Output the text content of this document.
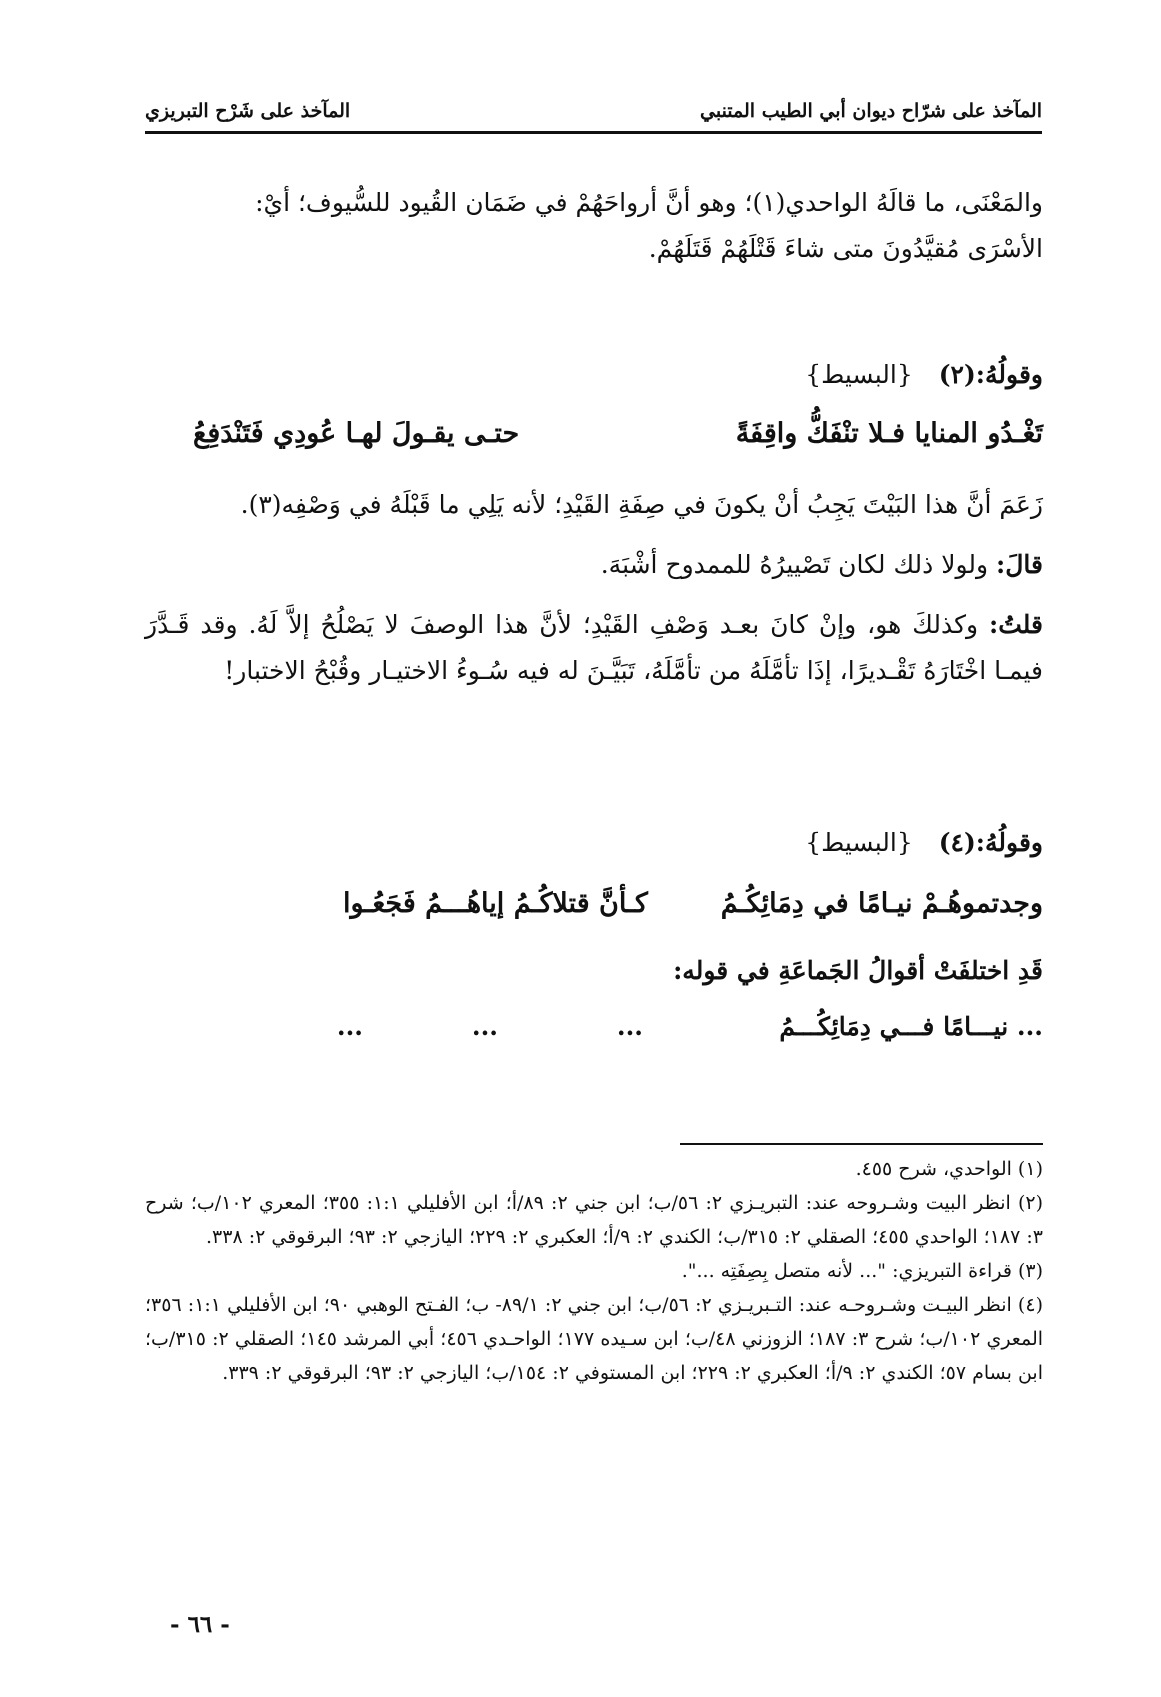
المآخذ على شرّاح ديوان أبي الطيب المتنبي
المآخذ على شَرْح التبريزي
والمَعْنَى، ما قالَهُ الواحدي(١)؛ وهو أنَّ أرواحَهُمْ في ضَمَان القُيود للسُّيوف؛ أيْ:
الأسْرَى مُقيَّدُونَ متى شاءَ قَتْلَهُمْ قَتَلَهُمْ.
وقولُهُ:(٢) {البسيط}
تَغْـدُو المنايا فـلا تنْفَكُّ واقِفَةً
حتـى يقـولَ لهـا عُودِي فَتَنْدَفِعُ
زَعَمَ أنَّ هذا البَيْتَ يَجِبُ أنْ يكونَ في صِفَةِ القَيْدِ؛ لأنه يَلِي ما قَبْلَهُ في وَصْفِه(٣).
قالَ: ولولا ذلك لكان تَصْييرُهُ للممدوح أشْبَهَ.
قلتُ: وكذلكَ هو، وإنْ كانَ بعـد وَصْفِ القَيْدِ؛ لأنَّ هذا الوصفَ لا يَصْلُحُ إلاَّ لَهُ. وقد قَـدَّرَ فيمـا اخْتَارَهُ تَقْـديرًا، إذَا تأمَّلَهُ من تأمَّلَهُ، تَبَيَّـنَ له فيه سُـوءُ الاختيـار وقُبْحُ الاختبار!
وقولُهُ:(٤) {البسيط}
وجدتموهُـمْ نيـامًا في دِمَائِكُـمُ
كـأنَّ قتلاكُـمُ إياهُـــمُ فَجَعُـوا
قَدِ اختلفَتْ أقوالُ الجَماعَةِ في قوله:
... نيـــامًا فـــي دِمَائِكُـــمُ
...
...
...

(١) الواحدي، شرح ٤٥٥.

(٢) انظر البيت وشـروحه عند: التبريـزي ٢: ٥٦/ب؛ ابن جني ٢: ٨٩/أ؛ ابن الأفليلي ١:١: ٣٥٥؛ المعري ١٠٢/ب؛ شرح ٣: ١٨٧؛ الواحدي ٤٥٥؛ الصقلي ٢: ٣١٥/ب؛ الكندي ٢: ٩/أ؛ العكبري ٢: ٢٢٩؛ اليازجي ٢: ٩٣؛ البرقوقي ٢: ٣٣٨.

(٣) قراءة التبريزي: "... لأنه متصل بِصِفَتِه ...".

(٤) انظر البيـت وشـروحـه عند: التـبريـزي ٢: ٥٦/ب؛ ابن جني ٢: ٨٩/١- ب؛ الفـتح الوهبي ٩٠؛ ابن الأفليلي ١:١: ٣٥٦؛ المعري ١٠٢/ب؛ شرح ٣: ١٨٧؛ الزوزني ٤٨/ب؛ ابن سـيده ١٧٧؛ الواحـدي ٤٥٦؛ أبي المرشد ١٤٥؛ الصقلي ٢: ٣١٥/ب؛ ابن بسام ٥٧؛ الكندي ٢: ٩/أ؛ العكبري ٢: ٢٢٩؛ ابن المستوفي ٢: ١٥٤/ب؛ اليازجي ٢: ٩٣؛ البرقوقي ٢: ٣٣٩.

- ٦٦ -
